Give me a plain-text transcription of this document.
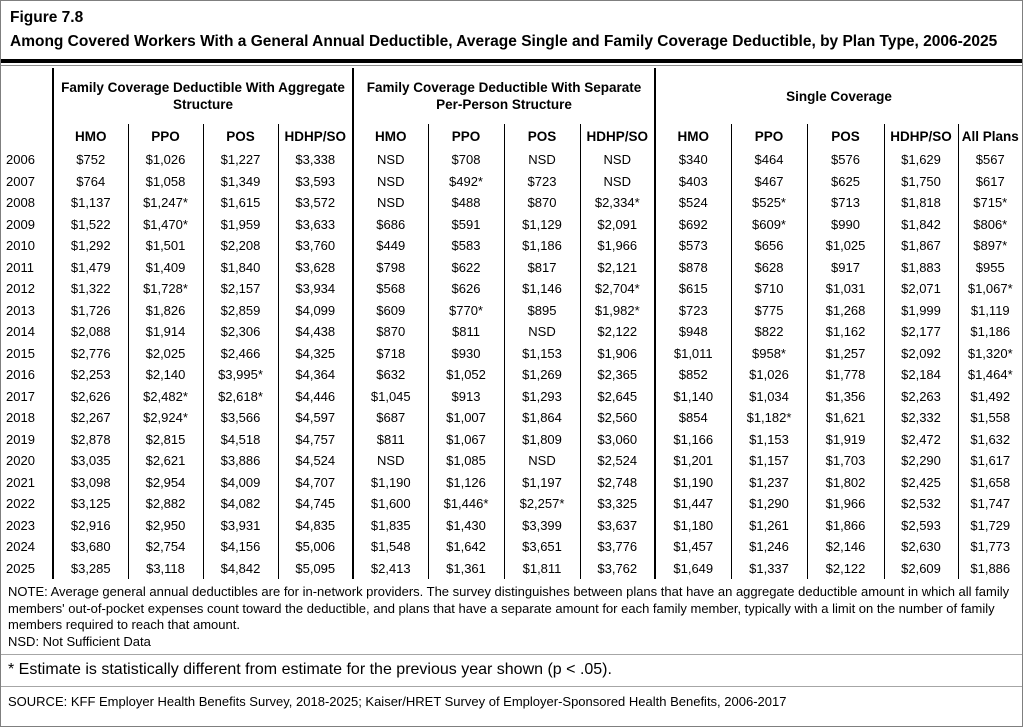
Figure 7.8
Among Covered Workers With a General Annual Deductible, Average Single and Family Coverage Deductible, by Plan Type, 2006-2025
	Family Coverage Deductible With Aggregate Structure				Family Coverage Deductible With Separate Per-Person Structure				Single Coverage				
	HMO	PPO	POS	HDHP/SO	HMO	PPO	POS	HDHP/SO	HMO	PPO	POS	HDHP/SO	All Plans
2006	$752	$1,026	$1,227	$3,338	NSD	$708	NSD	NSD	$340	$464	$576	$1,629	$567
2007	$764	$1,058	$1,349	$3,593	NSD	$492*	$723	NSD	$403	$467	$625	$1,750	$617
2008	$1,137	$1,247*	$1,615	$3,572	NSD	$488	$870	$2,334*	$524	$525*	$713	$1,818	$715*
2009	$1,522	$1,470*	$1,959	$3,633	$686	$591	$1,129	$2,091	$692	$609*	$990	$1,842	$806*
2010	$1,292	$1,501	$2,208	$3,760	$449	$583	$1,186	$1,966	$573	$656	$1,025	$1,867	$897*
2011	$1,479	$1,409	$1,840	$3,628	$798	$622	$817	$2,121	$878	$628	$917	$1,883	$955
2012	$1,322	$1,728*	$2,157	$3,934	$568	$626	$1,146	$2,704*	$615	$710	$1,031	$2,071	$1,067*
2013	$1,726	$1,826	$2,859	$4,099	$609	$770*	$895	$1,982*	$723	$775	$1,268	$1,999	$1,119
2014	$2,088	$1,914	$2,306	$4,438	$870	$811	NSD	$2,122	$948	$822	$1,162	$2,177	$1,186
2015	$2,776	$2,025	$2,466	$4,325	$718	$930	$1,153	$1,906	$1,011	$958*	$1,257	$2,092	$1,320*
2016	$2,253	$2,140	$3,995*	$4,364	$632	$1,052	$1,269	$2,365	$852	$1,026	$1,778	$2,184	$1,464*
2017	$2,626	$2,482*	$2,618*	$4,446	$1,045	$913	$1,293	$2,645	$1,140	$1,034	$1,356	$2,263	$1,492
2018	$2,267	$2,924*	$3,566	$4,597	$687	$1,007	$1,864	$2,560	$854	$1,182*	$1,621	$2,332	$1,558
2019	$2,878	$2,815	$4,518	$4,757	$811	$1,067	$1,809	$3,060	$1,166	$1,153	$1,919	$2,472	$1,632
2020	$3,035	$2,621	$3,886	$4,524	NSD	$1,085	NSD	$2,524	$1,201	$1,157	$1,703	$2,290	$1,617
2021	$3,098	$2,954	$4,009	$4,707	$1,190	$1,126	$1,197	$2,748	$1,190	$1,237	$1,802	$2,425	$1,658
2022	$3,125	$2,882	$4,082	$4,745	$1,600	$1,446*	$2,257*	$3,325	$1,447	$1,290	$1,966	$2,532	$1,747
2023	$2,916	$2,950	$3,931	$4,835	$1,835	$1,430	$3,399	$3,637	$1,180	$1,261	$1,866	$2,593	$1,729
2024	$3,680	$2,754	$4,156	$5,006	$1,548	$1,642	$3,651	$3,776	$1,457	$1,246	$2,146	$2,630	$1,773
2025	$3,285	$3,118	$4,842	$5,095	$2,413	$1,361	$1,811	$3,762	$1,649	$1,337	$2,122	$2,609	$1,886

NOTE: Average general annual deductibles are for in-network providers. The survey distinguishes between plans that have an aggregate deductible amount in which all family members' out-of-pocket expenses count toward the deductible, and plans that have a separate amount for each family member, typically with a limit on the number of family members required to reach that amount.

NSD: Not Sufficient Data

* Estimate is statistically different from estimate for the previous year shown (p < .05).

SOURCE: KFF Employer Health Benefits Survey, 2018-2025; Kaiser/HRET Survey of Employer-Sponsored Health Benefits, 2006-2017
